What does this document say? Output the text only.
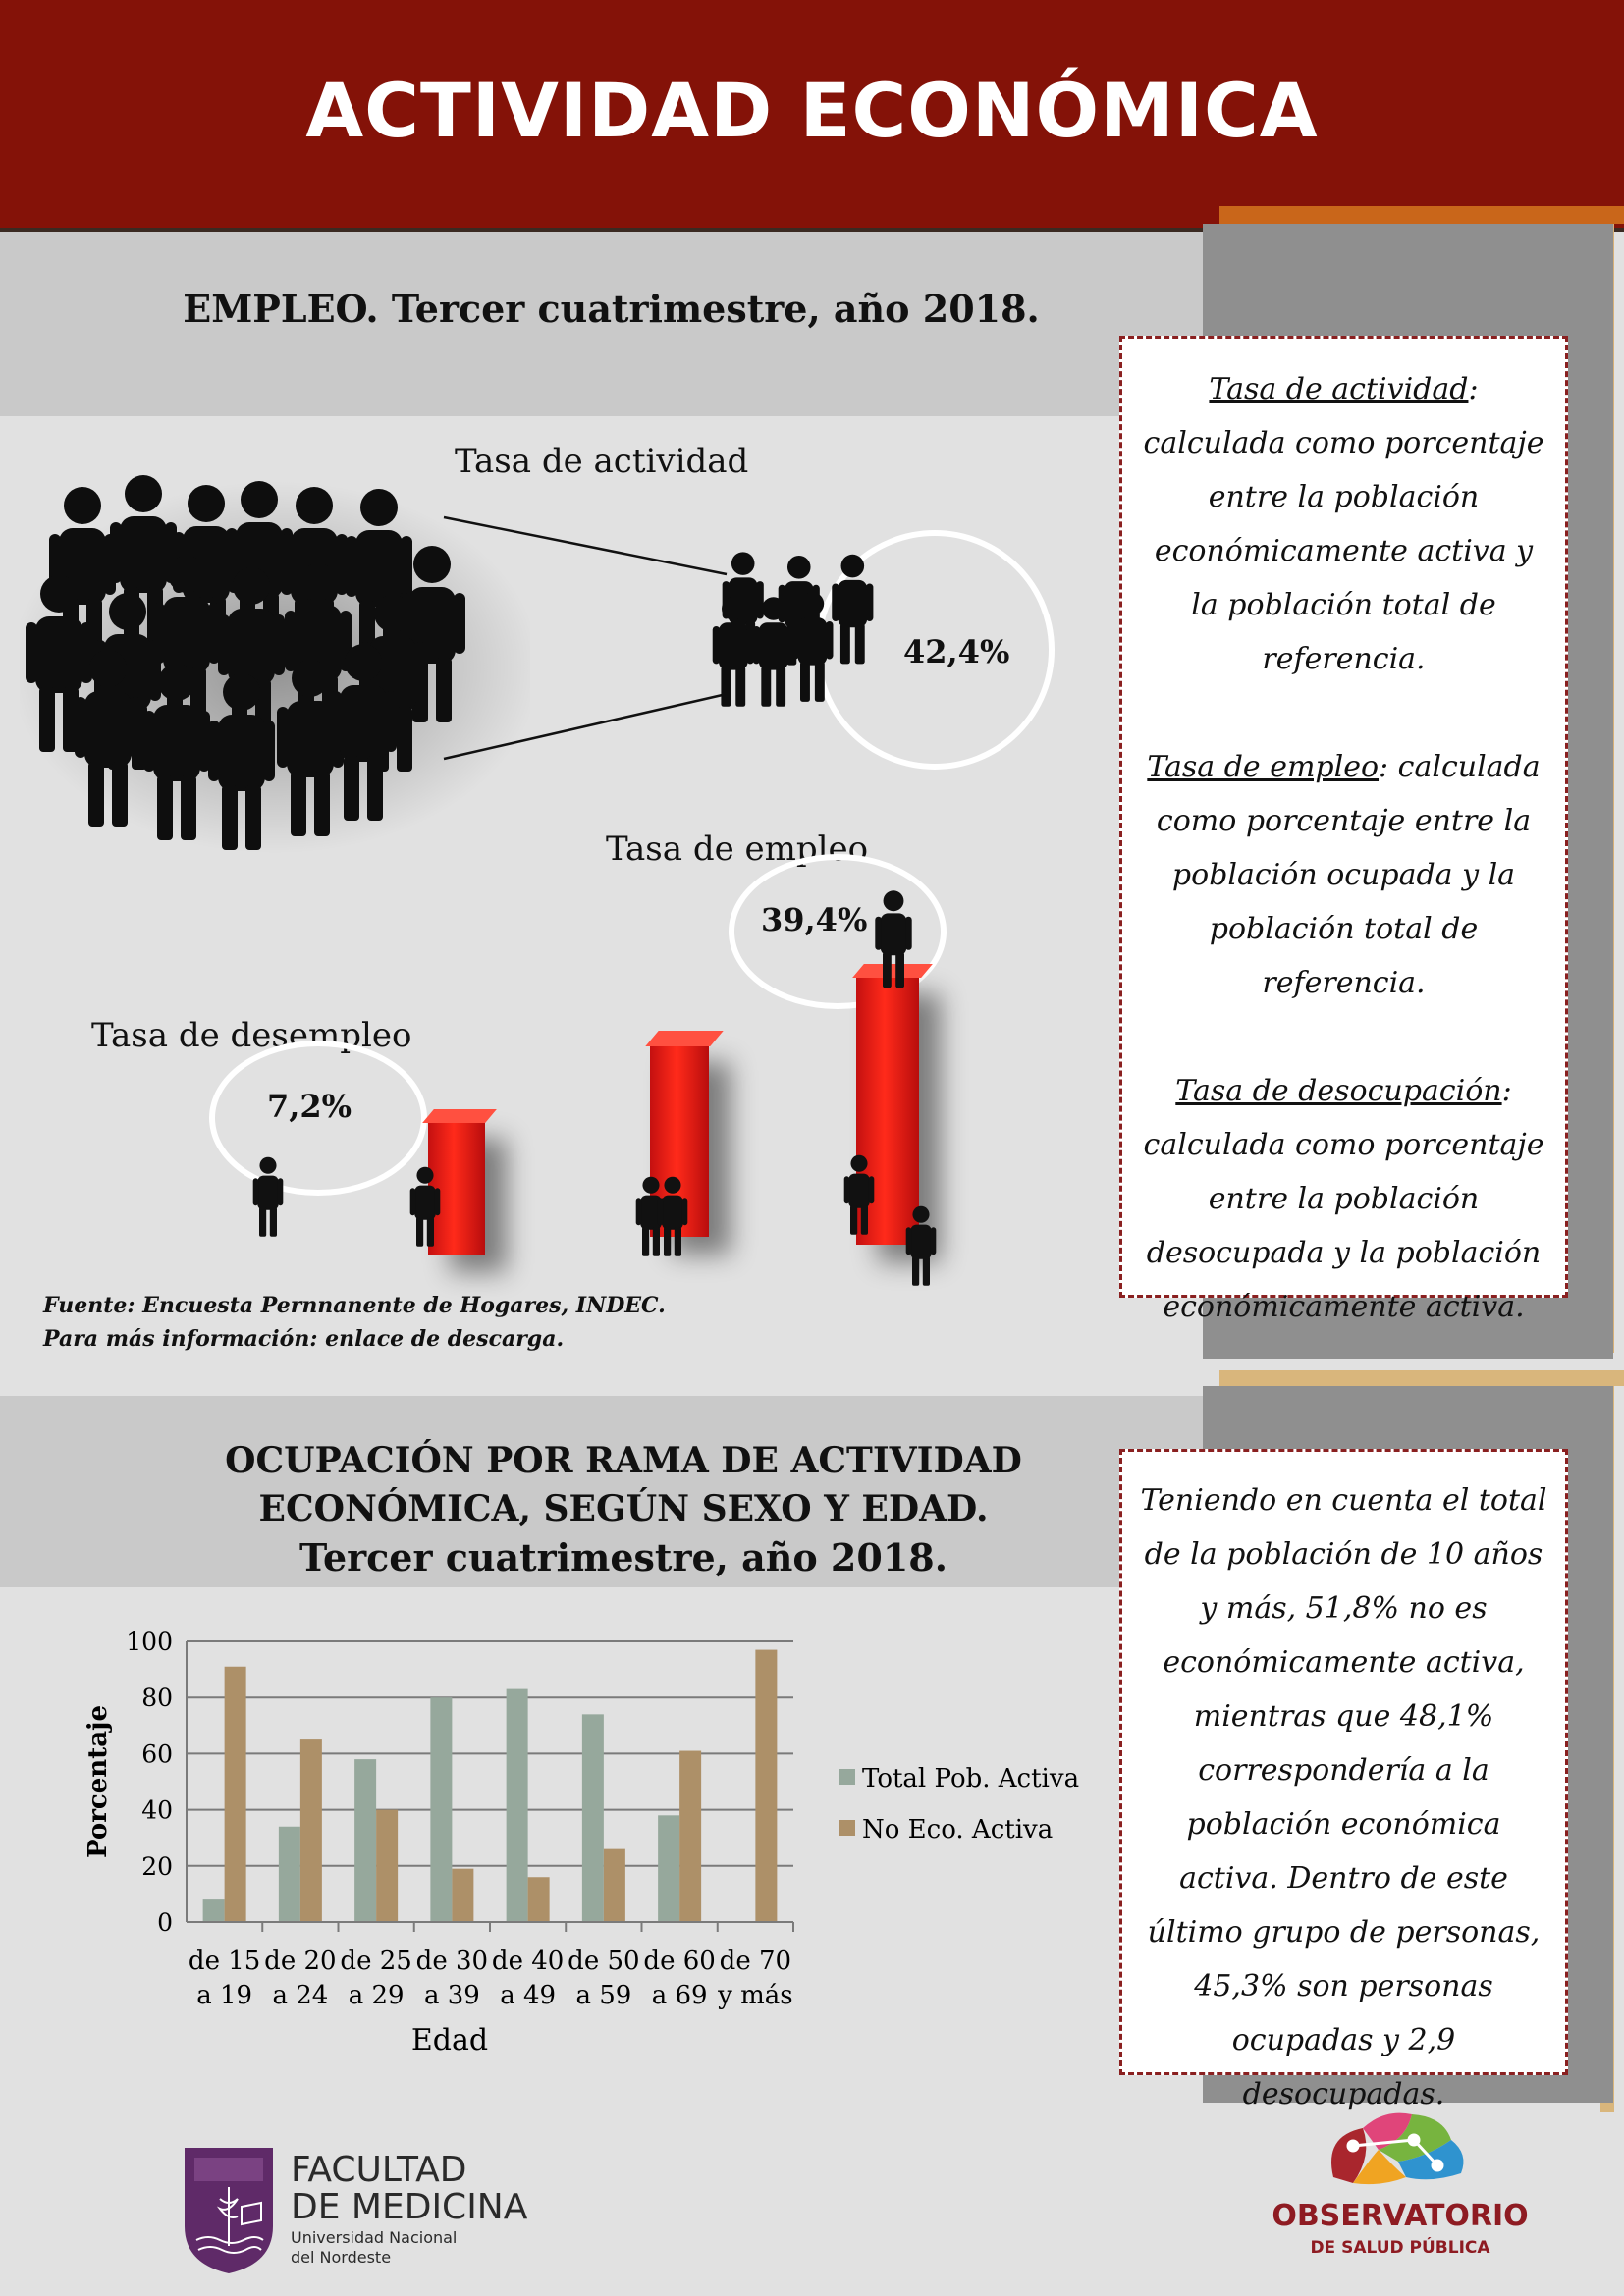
ACTIVIDAD ECONÓMICA
EMPLEO. Tercer cuatrimestre, año 2018.
Tasa de actividad
42,4%
Tasa de empleo
39,4%
Tasa de desempleo
7,2%
Fuente: Encuesta Pernnanente de Hogares, INDEC.
Para más información: enlace de descarga.

Tasa de actividad: calculada como porcentaje entre la población económicamente activa y la población total de referencia.

Tasa de empleo: calculada como porcentaje entre la población ocupada y la población total de referencia.

Tasa de desocupación: calculada como porcentaje entre la población desocupada y la población económicamente activa.

OCUPACIÓN POR RAMA DE ACTIVIDAD
ECONÓMICA, SEGÚN SEXO Y EDAD.
Tercer cuatrimestre, año 2018.
0
20
40
60
80
100
de 15
a 19
de 20
a 24
de 25
a 29
de 30
a 39
de 40
a 49
de 50
a 59
de 60
a 69
de 70
y más
Porcentaje
Edad
Total Pob. Activa
No Eco. Activa

Teniendo en cuenta el total de la población de 10 años y más, 51,8% no es económicamente activa, mientras que 48,1% correspondería a la población económica activa. Dentro de este último grupo de personas, 45,3% son personas ocupadas y 2,9 desocupadas.

FACULTAD
DE MEDICINA
Universidad Nacional
del Nordeste
OBSERVATORIO
DE SALUD PÚBLICA
